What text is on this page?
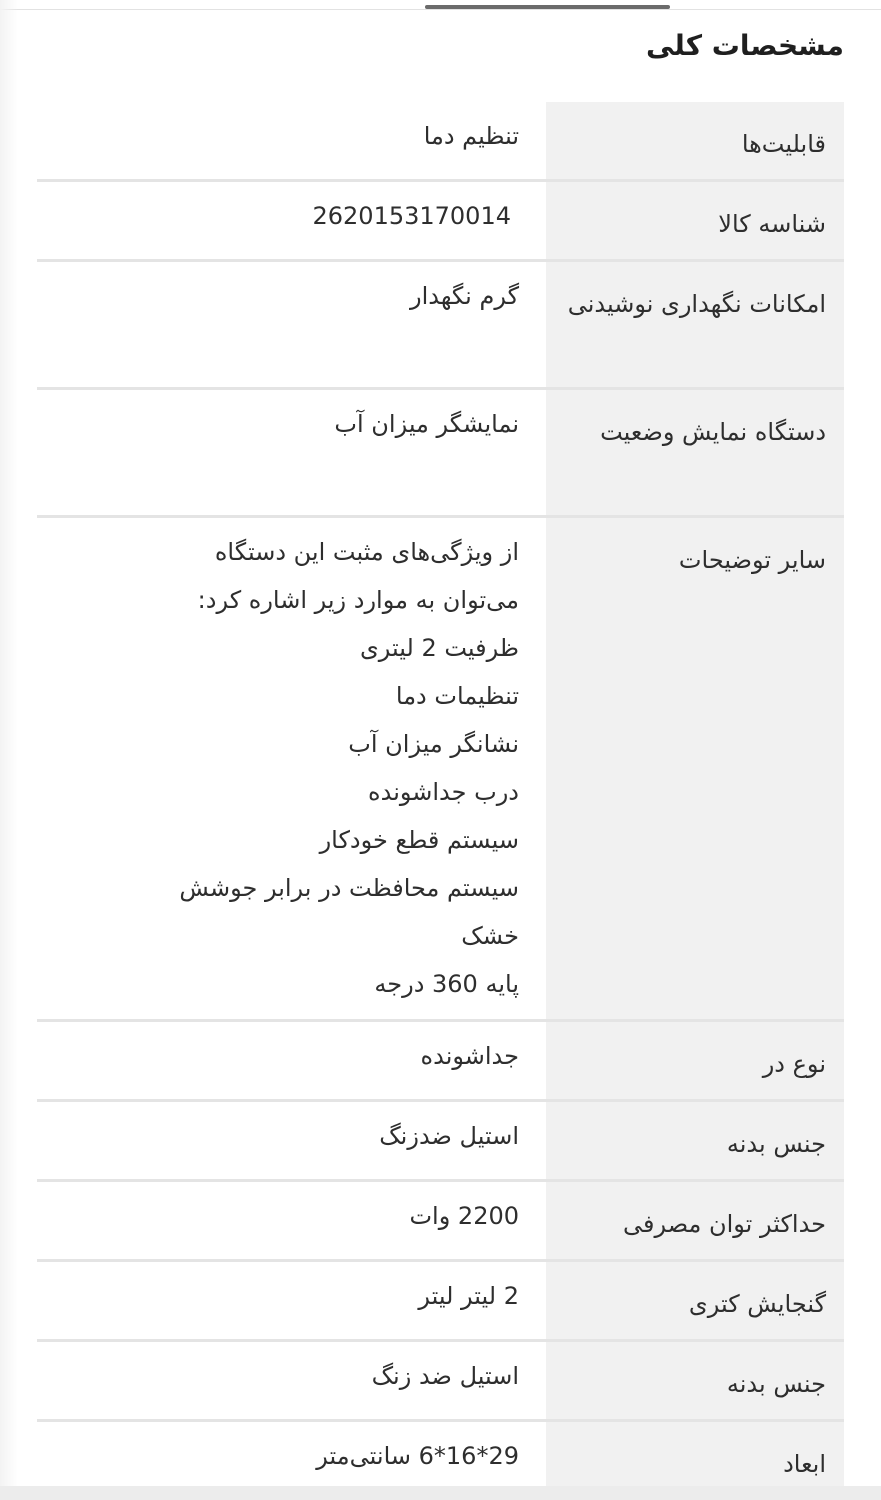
مشخصات کلی
قابلیت‌ها
تنظیم دما
شناسه کالا
2620153170014
امکانات نگهداری نوشیدنی
گرم نگهدار
دستگاه نمایش وضعیت
نمایشگر میزان آب
سایر توضیحات
از ویژگی‌های مثبت این دستگاه
می‌توان به موارد زیر اشاره کرد:
ظرفیت 2 لیتری
تنظیمات دما
نشانگر میزان آب
درب جداشونده
سیستم قطع خودکار
سیستم محافظت در برابر جوشش
خشک
پایه 360 درجه
نوع در
جداشونده
جنس بدنه
استیل ضدزنگ
حداکثر توان مصرفی
2200 وات
گنجایش کتری
2 لیتر لیتر
جنس بدنه
استیل ضد زنگ
ابعاد
29*16*6 سانتی‌متر
